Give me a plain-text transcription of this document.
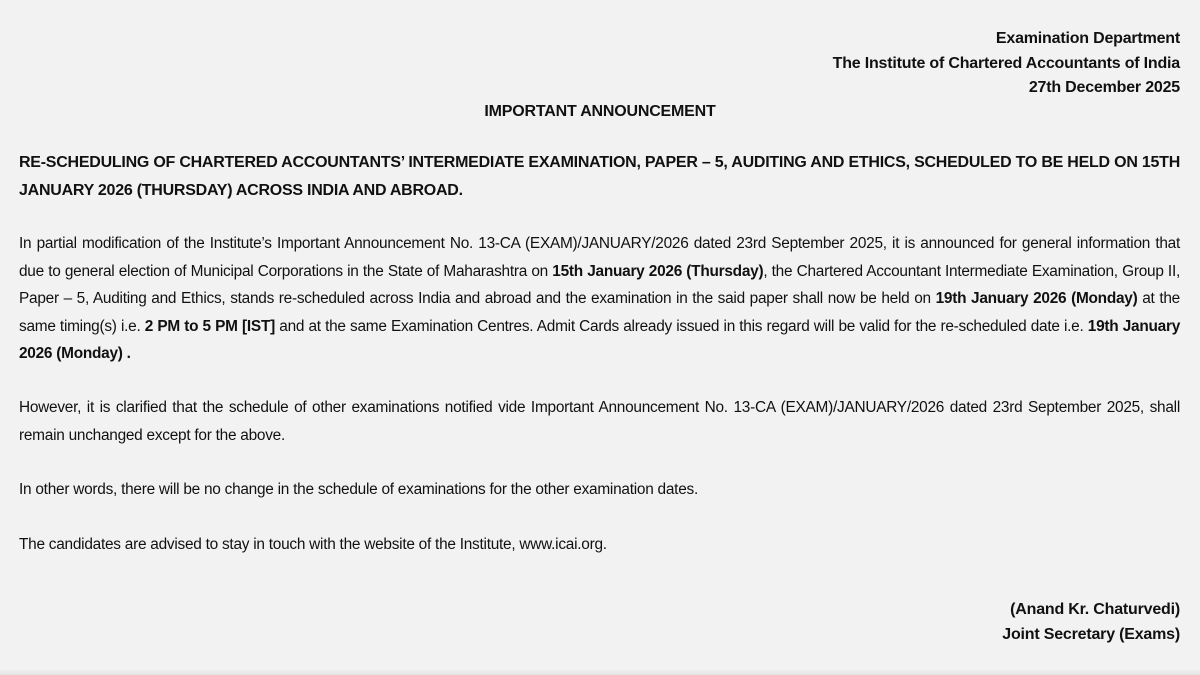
Examination Department
The Institute of Chartered Accountants of India
27th December 2025
IMPORTANT ANNOUNCEMENT
RE-SCHEDULING OF CHARTERED ACCOUNTANTS’ INTERMEDIATE EXAMINATION, PAPER – 5, AUDITING AND ETHICS, SCHEDULED TO BE HELD ON 15TH JANUARY 2026 (THURSDAY) ACROSS INDIA AND ABROAD.
In partial modification of the Institute’s Important Announcement No. 13-CA (EXAM)/JANUARY/2026 dated 23rd September 2025, it is announced for general information that due to general election of Municipal Corporations in the State of Maharashtra on 15th January 2026 (Thursday), the Chartered Accountant Intermediate Examination, Group II, Paper – 5, Auditing and Ethics, stands re-scheduled across India and abroad and the examination in the said paper shall now be held on 19th January 2026 (Monday) at the same timing(s) i.e. 2 PM to 5 PM [IST] and at the same Examination Centres. Admit Cards already issued in this regard will be valid for the re-scheduled date i.e. 19th January 2026 (Monday) .
However, it is clarified that the schedule of other examinations notified vide Important Announcement No. 13-CA (EXAM)/JANUARY/2026 dated 23rd September 2025, shall remain unchanged except for the above.
In other words, there will be no change in the schedule of examinations for the other examination dates.
The candidates are advised to stay in touch with the website of the Institute, www.icai.org.
(Anand Kr. Chaturvedi)
Joint Secretary (Exams)
